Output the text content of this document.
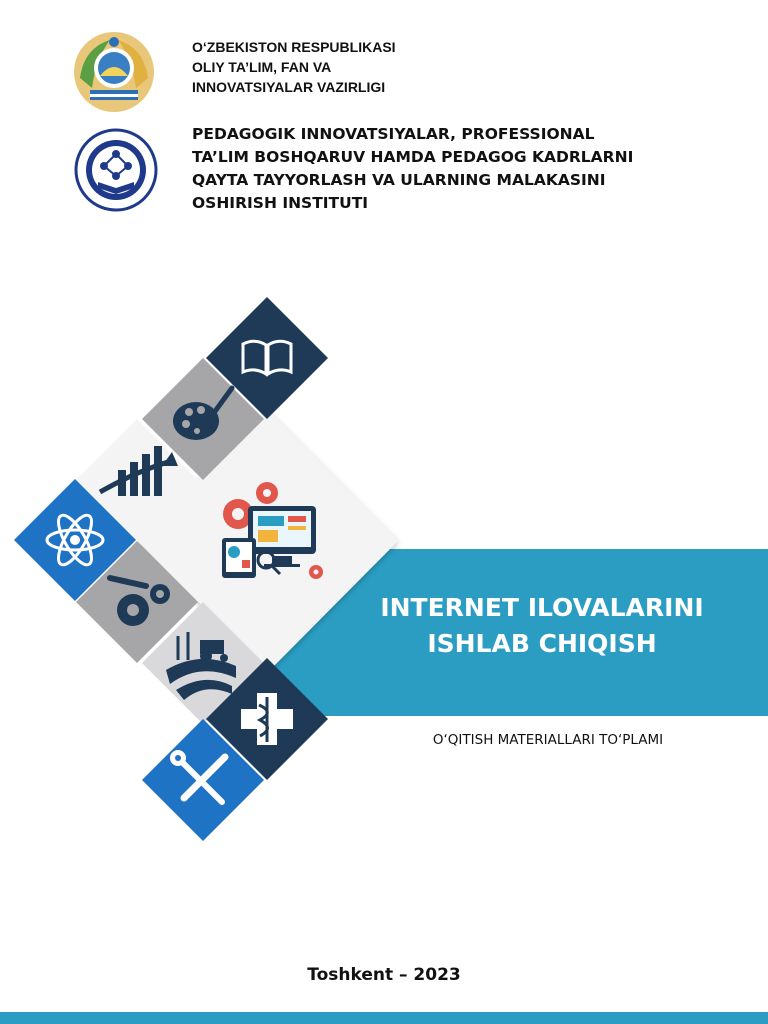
O‘ZBEKISTON RESPUBLIKASI
OLIY TA’LIM, FAN VA
INNOVATSIYALAR VAZIRLIGI
PEDAGOGIK INNOVATSIYALAR, PROFESSIONAL
TA’LIM BOSHQARUV HAMDA PEDAGOG KADRLARNI
QAYTA TAYYORLASH VA ULARNING MALAKASINI
OSHIRISH INSTITUTI
INTERNET ILOVALARINI
ISHLAB CHIQISH
O‘QITISH MATERIALLARI TO‘PLAMI
Toshkent – 2023
